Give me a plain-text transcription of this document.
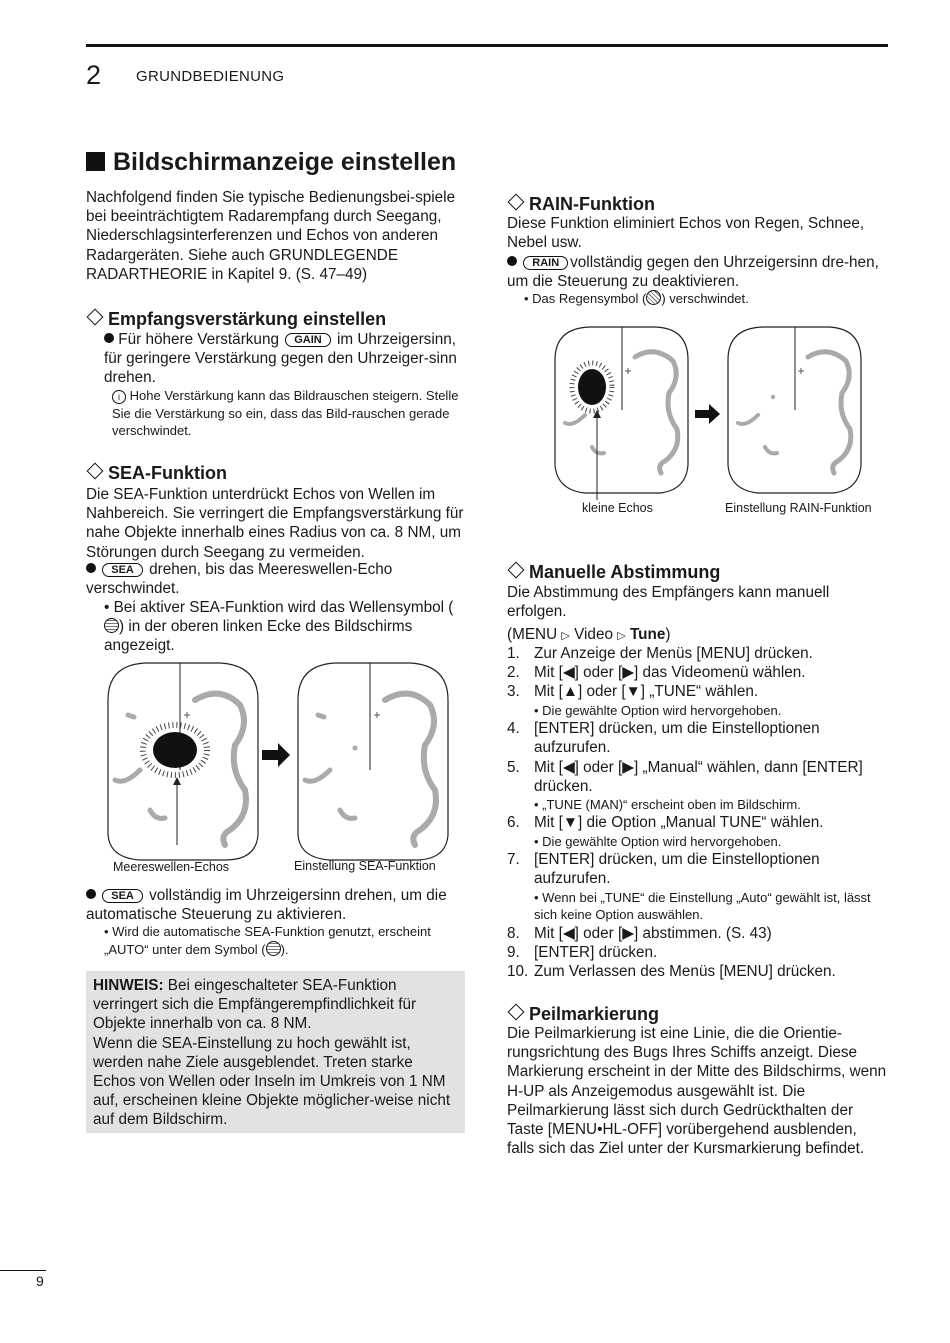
2 GRUNDBEDIENUNG
Bildschirmanzeige einstellen

Nachfolgend finden Sie typische Bedienungsbei-spiele bei beeinträchtigtem Radarempfang durch Seegang, Niederschlagsinterferenzen und Echos von anderen Radargeräten. Siehe auch GRUNDLEGENDE RADARTHEORIE in Kapitel 9. (S. 47–49)

Empfangsverstärkung einstellen

Für höhere Verstärkung GAIN im Uhrzeigersinn, für geringere Verstärkung gegen den Uhrzeiger-sinn drehen.

i Hohe Verstärkung kann das Bildrauschen steigern. Stelle Sie die Verstärkung so ein, dass das Bild-rauschen gerade verschwindet.
SEA-Funktion

Die SEA-Funktion unterdrückt Echos von Wellen im Nahbereich. Sie verringert die Empfangsverstärkung für nahe Objekte innerhalb eines Radius von ca. 8 NM, um Störungen durch Seegang zu vermeiden.

SEA drehen, bis das Meereswellen-Echo verschwindet.

• Bei aktiver SEA-Funktion wird das Wellensymbol () in der oberen linken Ecke des Bildschirms angezeigt.
Meereswellen-Echos	Einstellung SEA-Funktion

SEA vollständig im Uhrzeigersinn drehen, um die automatische Steuerung zu aktivieren.

• Wird die automatische SEA-Funktion genutzt, erscheint „AUTO“ unter dem Symbol ( ).

HINWEIS: Bei eingeschalteter SEA-Funktion verringert sich die Empfängerempfindlichkeit für Objekte innerhalb von ca. 8 NM.

Wenn die SEA-Einstellung zu hoch gewählt ist, werden nahe Ziele ausgeblendet. Treten starke Echos von Wellen oder Inseln im Umkreis von 1 NM auf, erscheinen kleine Objekte möglicher-weise nicht auf dem Bildschirm.

RAIN-Funktion

Diese Funktion eliminiert Echos von Regen, Schnee, Nebel usw.

RAIN vollständig gegen den Uhrzeigersinn dre-hen, um die Steuerung zu deaktivieren.

• Das Regensymbol ( ) verschwindet.
kleine Echos	Einstellung RAIN-Funktion
Manuelle Abstimmung

Die Abstimmung des Empfängers kann manuell erfolgen.

(MENU ▷ Video ▷ Tune)
1. Zur Anzeige der Menüs [MENU] drücken.
2. Mit [◀] oder [▶] das Videomenü wählen.
3. Mit [▲] oder [▼] „TUNE“ wählen.
• Die gewählte Option wird hervorgehoben.
4. [ENTER] drücken, um die Einstelloptionen aufzurufen.
5. Mit [◀] oder [▶] „Manual“ wählen, dann [ENTER] drücken.
• „TUNE (MAN)“ erscheint oben im Bildschirm.
6. Mit [▼] die Option „Manual TUNE“ wählen.
• Die gewählte Option wird hervorgehoben.
7. [ENTER] drücken, um die Einstelloptionen aufzurufen.
• Wenn bei „TUNE“ die Einstellung „Auto“ gewählt ist, lässt sich keine Option auswählen.
8. Mit [◀] oder [▶] abstimmen. (S. 43)
9. [ENTER] drücken.
10. Zum Verlassen des Menüs [MENU] drücken.
Peilmarkierung

Die Peilmarkierung ist eine Linie, die die Orientie-rungsrichtung des Bugs Ihres Schiffs anzeigt. Diese Markierung erscheint in der Mitte des Bildschirms, wenn H-UP als Anzeigemodus ausgewählt ist. Die Peilmarkierung lässt sich durch Gedrückthalten der Taste [MENU•HL-OFF] vorübergehend ausblenden, falls sich das Ziel unter der Kursmarkierung befindet.

9
